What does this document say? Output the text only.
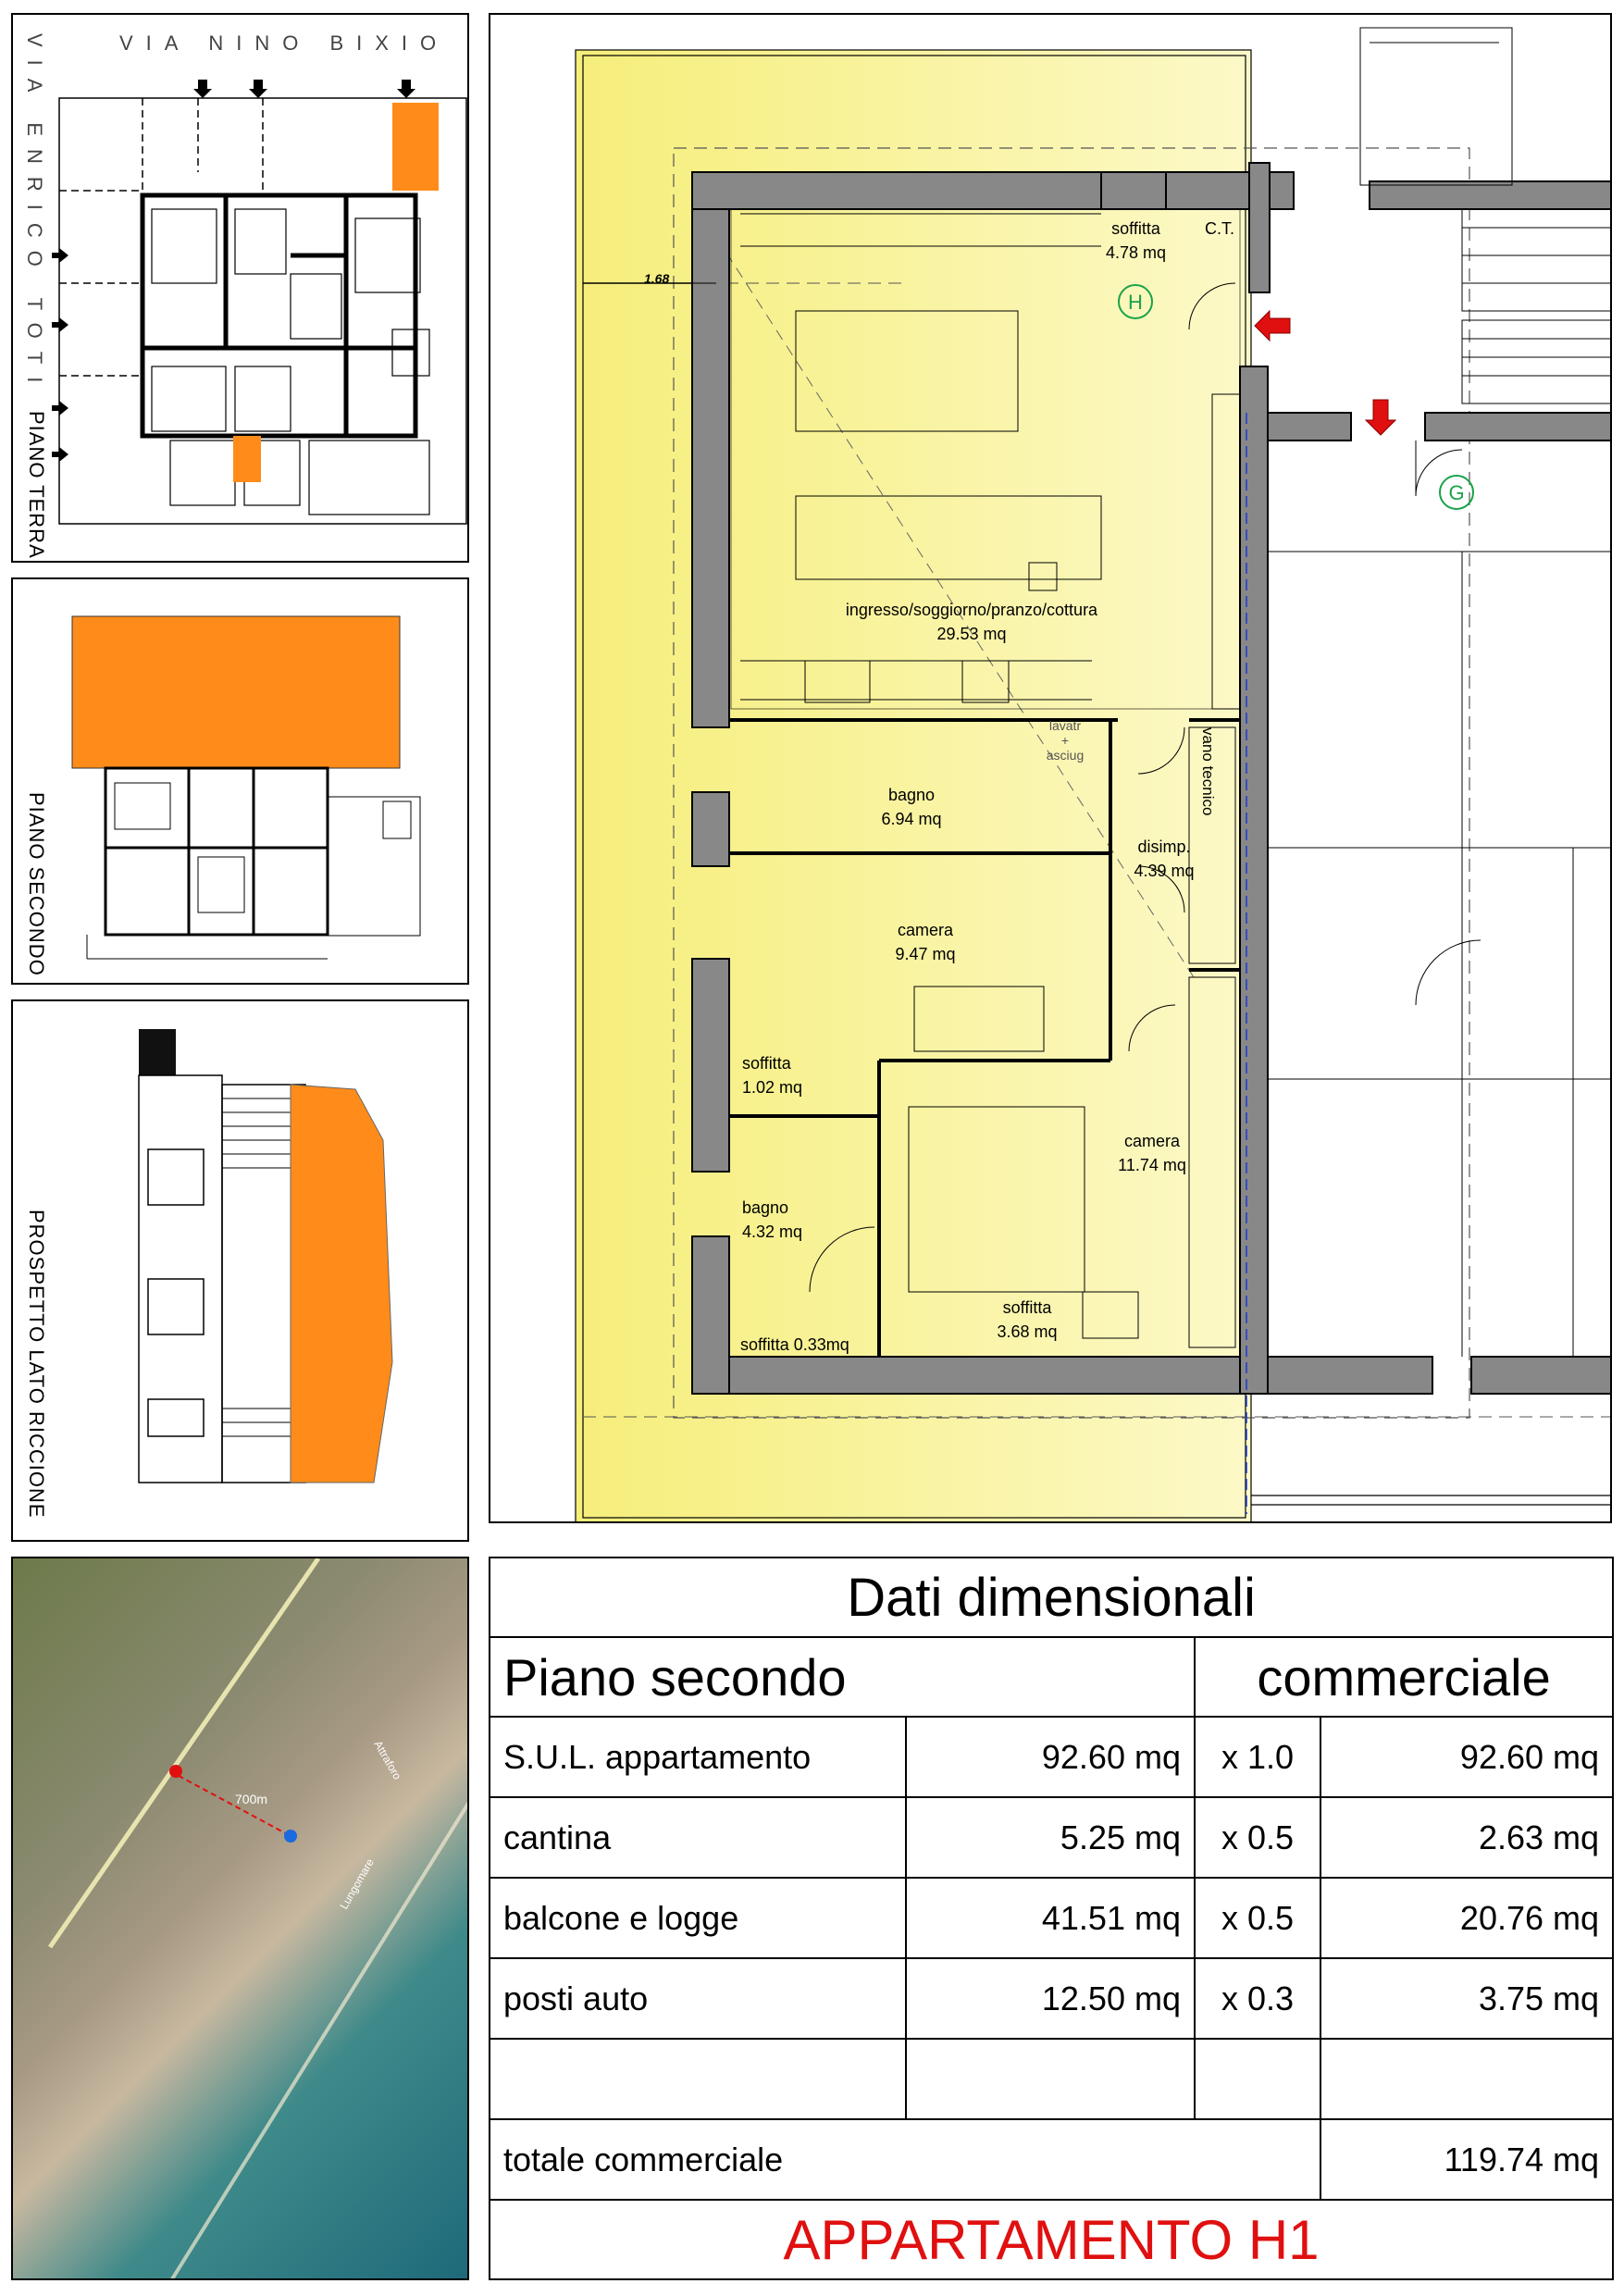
VIA NINO BIXIO
VIA ENRICO TOTI
PIANO TERRA
PIANO SECONDO
PROSPETTO LATO RICCIONE
700m
Attraforo
Lungomare
1.68
H
G
soffitta
4.78 mq
C.T.
ingresso/soggiorno/pranzo/cottura
29.53 mq
bagno
6.94 mq
disimp.
4.39 mq
camera
9.47 mq
soffitta
1.02 mq
camera
11.74 mq
bagno
4.32 mq
soffitta
3.68 mq
soffitta 0.33mq
vano tecnico
lavatr + asciug
Dati dimensionali			
Piano secondo		commerciale	
S.U.L. appartamento	92.60 mq	x 1.0	92.60 mq
cantina	5.25 mq	x 0.5	2.63 mq
balcone e logge	41.51 mq	x 0.5	20.76 mq
posti auto	12.50 mq	x 0.3	3.75 mq

totale commerciale			119.74 mq
APPARTAMENTO H1			
